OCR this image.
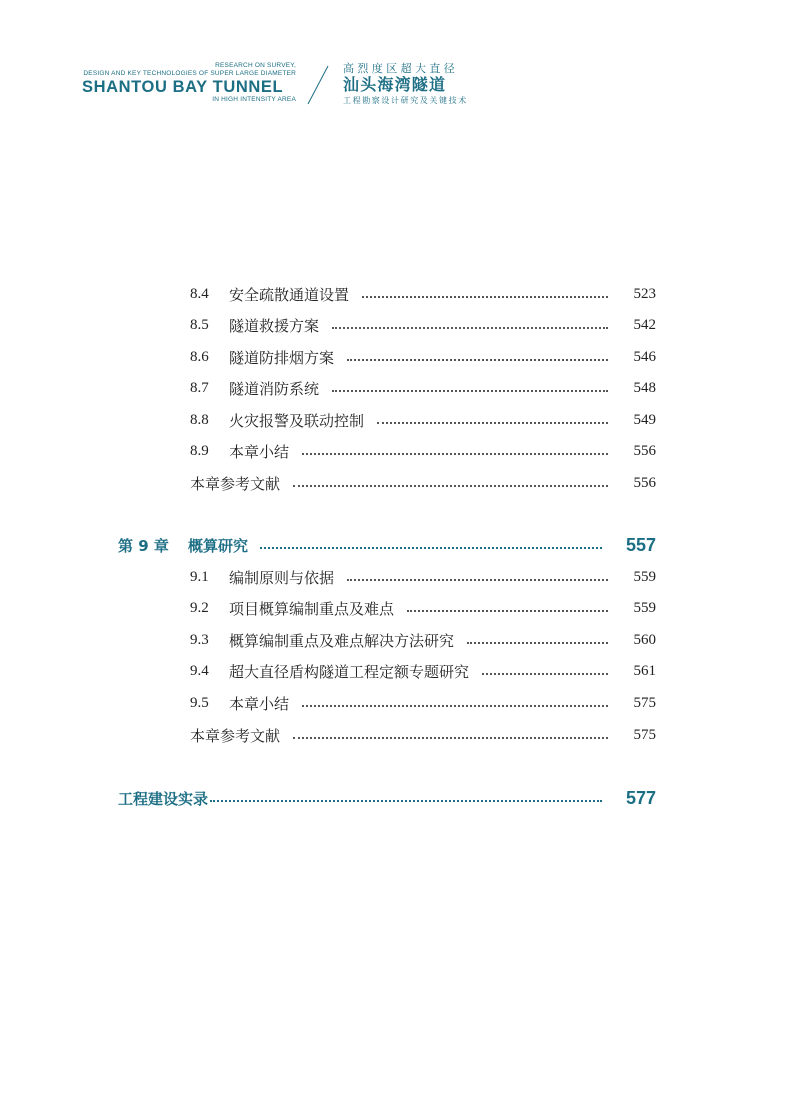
RESEARCH ON SURVEY,
DESIGN AND KEY TECHNOLOGIES OF SUPER LARGE DIAMETER
SHANTOU BAY TUNNEL
IN HIGH INTENSITY AREA
高烈度区超大直径
汕头海湾隧道
工程勘察设计研究及关键技术
8.4	安全疏散通道设置	523
8.5	隧道救援方案	542
8.6	隧道防排烟方案	546
8.7	隧道消防系统	548
8.8	火灾报警及联动控制	549
8.9	本章小结	556
本章参考文献	556
第 9 章	概算研究	557
9.1	编制原则与依据	559
9.2	项目概算编制重点及难点	559
9.3	概算编制重点及难点解决方法研究	560
9.4	超大直径盾构隧道工程定额专题研究	561
9.5	本章小结	575
本章参考文献	575
工程建设实录	577
